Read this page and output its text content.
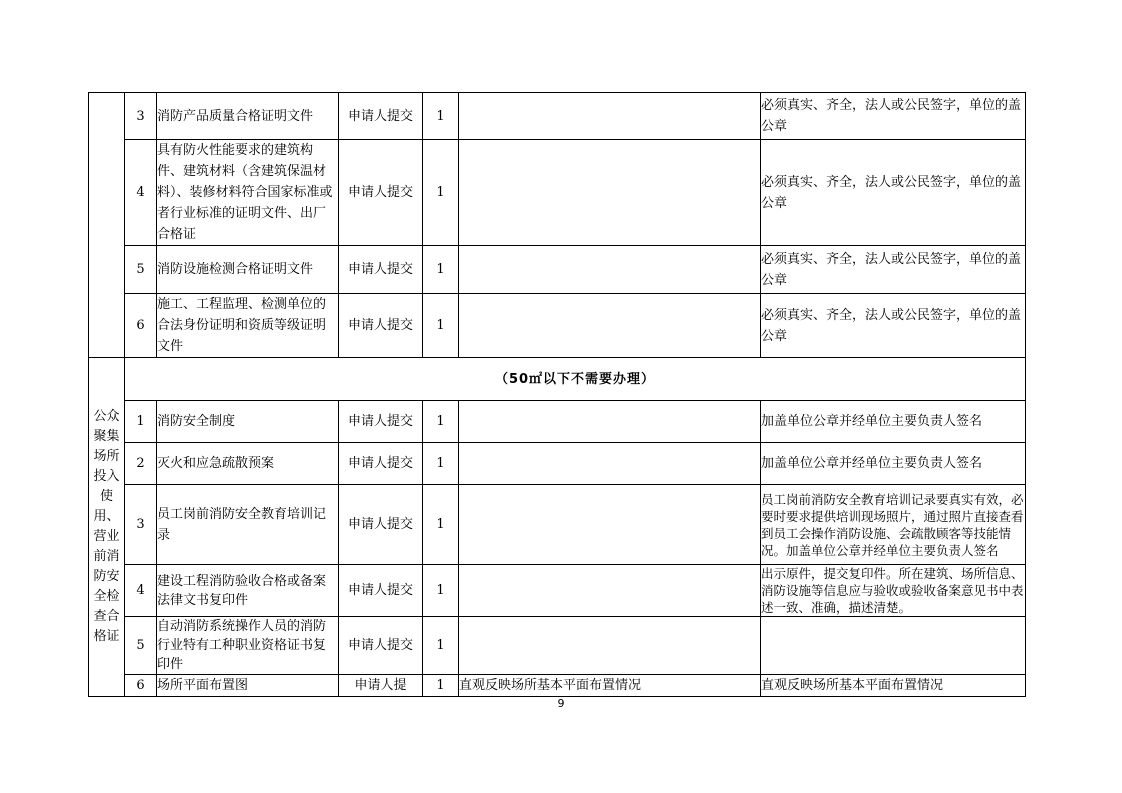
	3	消防产品质量合格证明文件	申请人提交	1		必须真实、齐全，法人或公民签字，单位的盖公章
	4	具有防火性能要求的建筑构件、建筑材料（含建筑保温材料）、装修材料符合国家标准或者行业标准的证明文件、出厂合格证	申请人提交	1		必须真实、齐全，法人或公民签字，单位的盖公章
	5	消防设施检测合格证明文件	申请人提交	1		必须真实、齐全，法人或公民签字，单位的盖公章
	6	施工、工程监理、检测单位的合法身份证明和资质等级证明文件	申请人提交	1		必须真实、齐全，法人或公民签字，单位的盖公章
公众聚集场所投入使用、营业前消防安全检查合格证	（50㎡以下不需要办理）					
	1	消防安全制度	申请人提交	1		加盖单位公章并经单位主要负责人签名
	2	灭火和应急疏散预案	申请人提交	1		加盖单位公章并经单位主要负责人签名
	3	员工岗前消防安全教育培训记录	申请人提交	1		员工岗前消防安全教育培训记录要真实有效，必要时要求提供培训现场照片，通过照片直接查看到员工会操作消防设施、会疏散顾客等技能情况。加盖单位公章并经单位主要负责人签名
	4	建设工程消防验收合格或备案法律文书复印件	申请人提交	1		出示原件，提交复印件。所在建筑、场所信息、消防设施等信息应与验收或验收备案意见书中表述一致、准确，描述清楚。
	5	自动消防系统操作人员的消防行业特有工种职业资格证书复印件	申请人提交	1		
	6	场所平面布置图	申请人提	1	直观反映场所基本平面布置情况	直观反映场所基本平面布置情况
9
